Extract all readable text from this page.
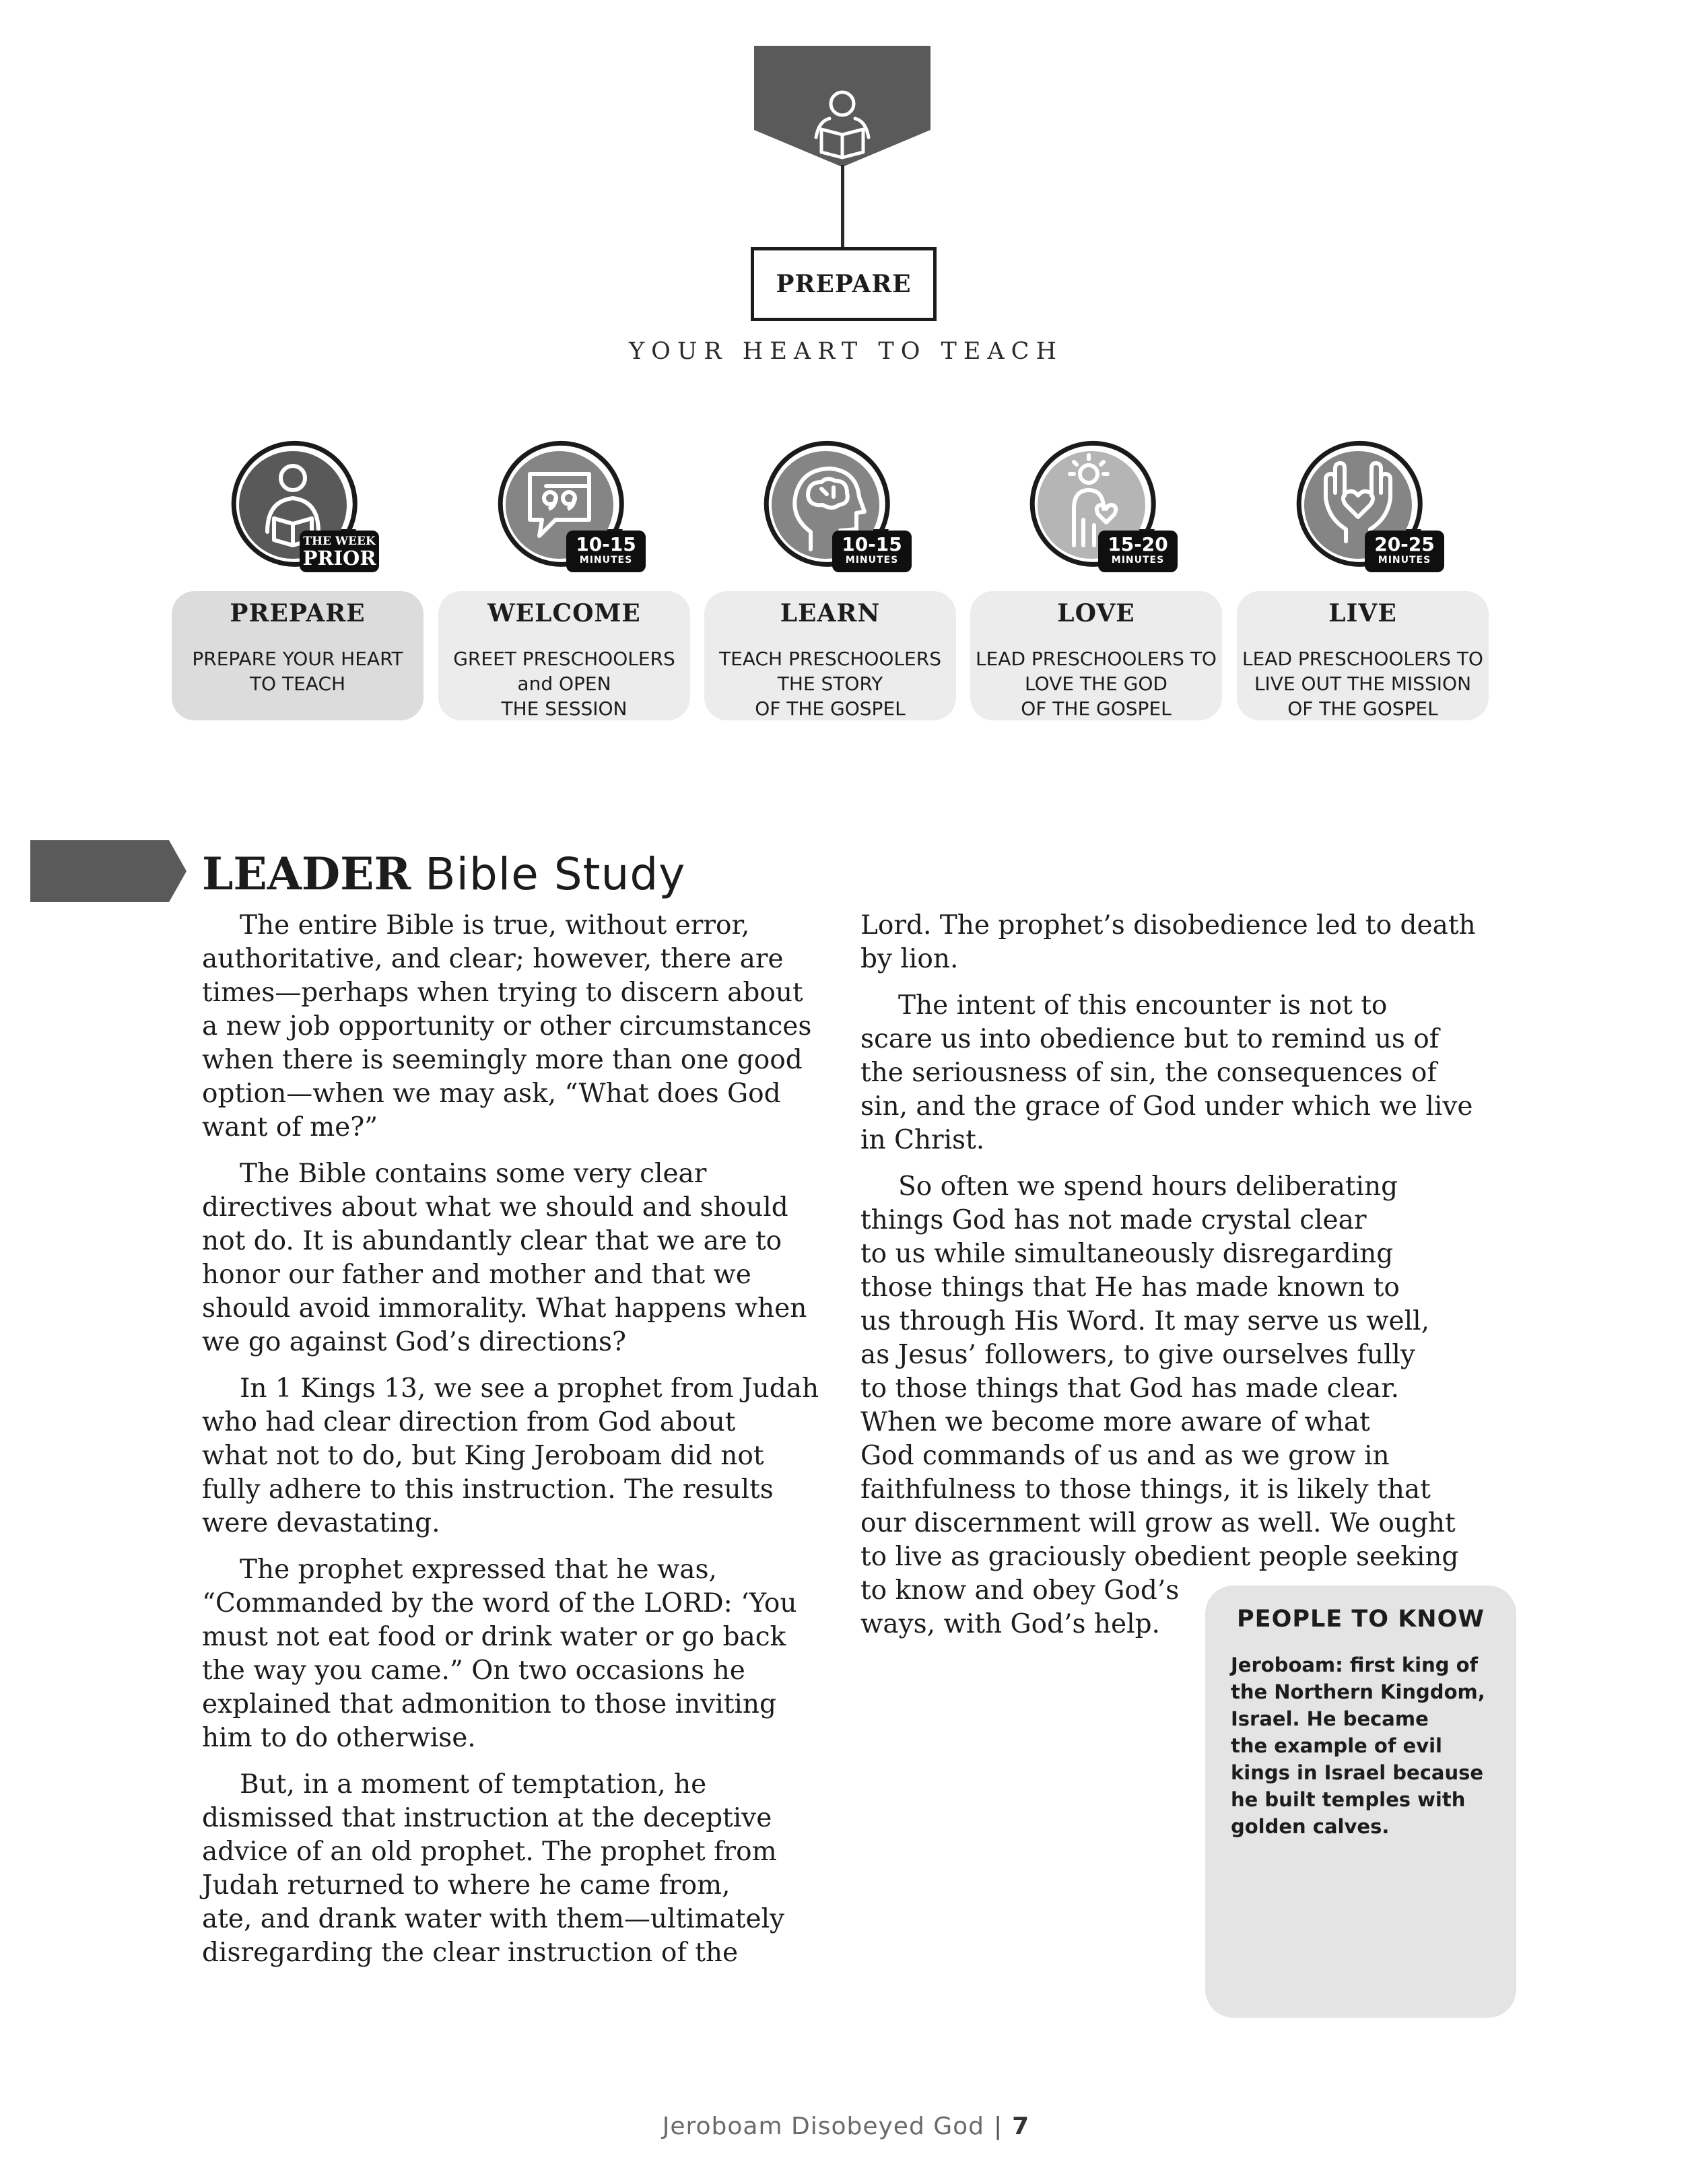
PREPARE
YOUR HEART TO TEACH
THE WEEK
PRIOR
PREPARE
PREPARE YOUR HEART
TO TEACH
10-15
MINUTES
WELCOME
GREET PRESCHOOLERS
and OPEN
THE SESSION
10-15
MINUTES
LEARN
TEACH PRESCHOOLERS
THE STORY
OF THE GOSPEL
15-20
MINUTES
LOVE
LEAD PRESCHOOLERS TO
LOVE THE GOD
OF THE GOSPEL
20-25
MINUTES
LIVE
LEAD PRESCHOOLERS TO
LIVE OUT THE MISSION
OF THE GOSPEL
LEADER Bible Study

The entire Bible is true, without error,
authoritative, and clear; however, there are
times—perhaps when trying to discern about
a new job opportunity or other circumstances
when there is seemingly more than one good
option—when we may ask, “What does God
want of me?”

The Bible contains some very clear
directives about what we should and should
not do. It is abundantly clear that we are to
honor our father and mother and that we
should avoid immorality. What happens when
we go against God’s directions?

In 1 Kings 13, we see a prophet from Judah
who had clear direction from God about
what not to do, but King Jeroboam did not
fully adhere to this instruction. The results
were devastating.

The prophet expressed that he was,
“Commanded by the word of the LORD: ‘You
must not eat food or drink water or go back
the way you came.” On two occasions he
explained that admonition to those inviting
him to do otherwise.

But, in a moment of temptation, he
dismissed that instruction at the deceptive
advice of an old prophet. The prophet from
Judah returned to where he came from,
ate, and drank water with them—ultimately
disregarding the clear instruction of the

Lord. The prophet’s disobedience led to death
by lion.

The intent of this encounter is not to
scare us into obedience but to remind us of
the seriousness of sin, the consequences of
sin, and the grace of God under which we live
in Christ.

So often we spend hours deliberating
things God has not made crystal clear
to us while simultaneously disregarding
those things that He has made known to
us through His Word. It may serve us well,
as Jesus’ followers, to give ourselves fully
to those things that God has made clear.
When we become more aware of what
God commands of us and as we grow in
faithfulness to those things, it is likely that
our discernment will grow as well. We ought
to live as graciously obedient people seeking
to know and obey God’s
ways, with God’s help.	PEOPLE TO KNOW
Jeroboam: first king of
the Northern Kingdom,
Israel. He became
the example of evil
kings in Israel because
he built temples with
golden calves.
Jeroboam Disobeyed God | 7
